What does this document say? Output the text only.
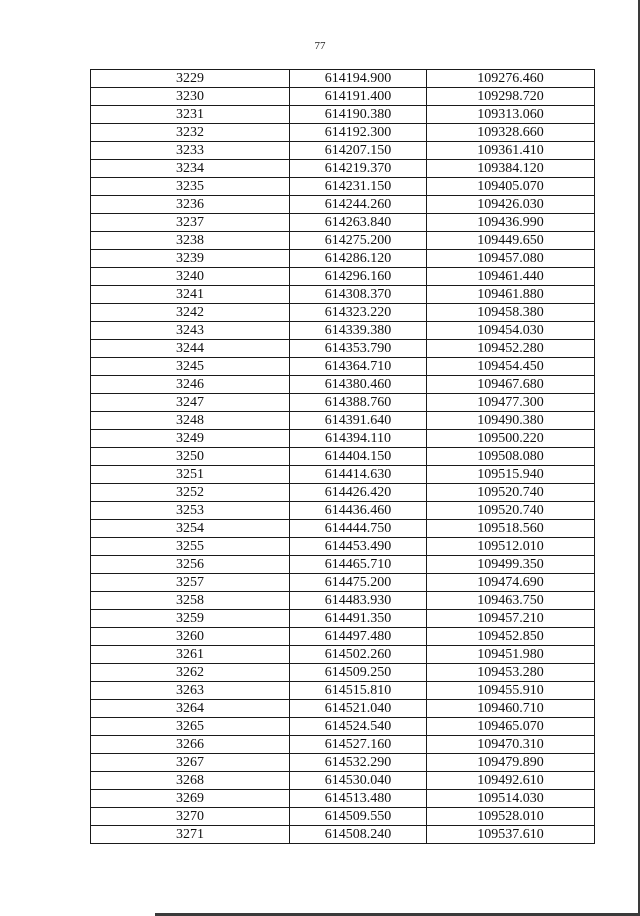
77
3229	614194.900	109276.460
3230	614191.400	109298.720
3231	614190.380	109313.060
3232	614192.300	109328.660
3233	614207.150	109361.410
3234	614219.370	109384.120
3235	614231.150	109405.070
3236	614244.260	109426.030
3237	614263.840	109436.990
3238	614275.200	109449.650
3239	614286.120	109457.080
3240	614296.160	109461.440
3241	614308.370	109461.880
3242	614323.220	109458.380
3243	614339.380	109454.030
3244	614353.790	109452.280
3245	614364.710	109454.450
3246	614380.460	109467.680
3247	614388.760	109477.300
3248	614391.640	109490.380
3249	614394.110	109500.220
3250	614404.150	109508.080
3251	614414.630	109515.940
3252	614426.420	109520.740
3253	614436.460	109520.740
3254	614444.750	109518.560
3255	614453.490	109512.010
3256	614465.710	109499.350
3257	614475.200	109474.690
3258	614483.930	109463.750
3259	614491.350	109457.210
3260	614497.480	109452.850
3261	614502.260	109451.980
3262	614509.250	109453.280
3263	614515.810	109455.910
3264	614521.040	109460.710
3265	614524.540	109465.070
3266	614527.160	109470.310
3267	614532.290	109479.890
3268	614530.040	109492.610
3269	614513.480	109514.030
3270	614509.550	109528.010
3271	614508.240	109537.610
